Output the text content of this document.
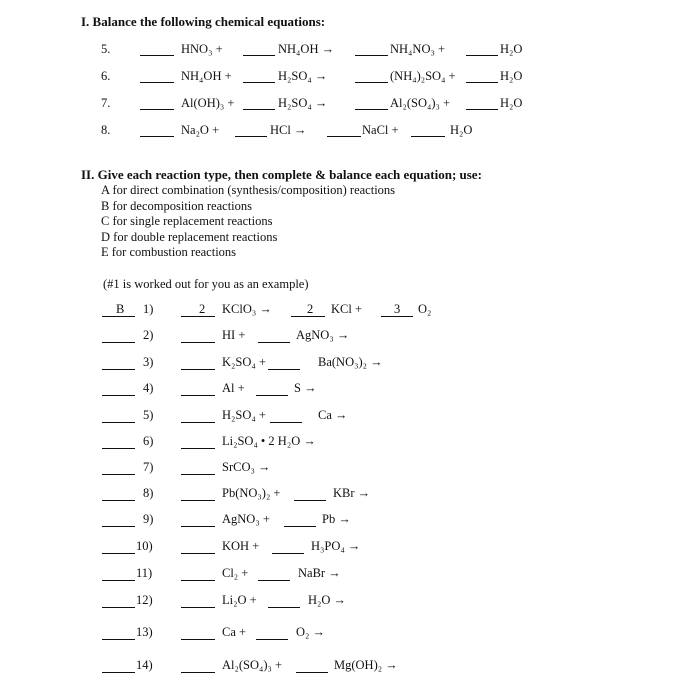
I. Balance the following chemical equations:
5.	HNO₃ +	NH₄OH →	NH₄NO₃ +	H₂O
6.	NH₄OH +	H₂SO₄ →	(NH₄)₂SO₄ +	H₂O
7.	Al(OH)₃ +	H₂SO₄ →	Al₂(SO₄)₃ +	H₂O
8.	Na₂O +	HCl →	NaCl +	H₂O
II. Give each reaction type, then complete & balance each equation; use:
A for direct combination (synthesis/composition) reactions
B for decomposition reactions
C for single replacement reactions
D for double replacement reactions
E for combustion reactions
(#1 is worked out for you as an example)
B 1)	2 KClO₃ →	2 KCl +	3 O₂
2)	HI +	AgNO₃ →
3)	K₂SO₄ +	Ba(NO₃)₂ →
4)	Al +	S →
5)	H₂SO₄ +	Ca →
6)	Li₂SO₄ • 2 H₂O →
7)	SrCO₃ →
8)	Pb(NO₃)₂ +	KBr →
9)	AgNO₃ +	Pb →
10)	KOH +	H₃PO₄ →
11)	Cl₂ +	NaBr →
12)	Li₂O +	H₂O →
13)	Ca +	O₂ →
14)	Al₂(SO₄)₃ +	Mg(OH)₂ →
